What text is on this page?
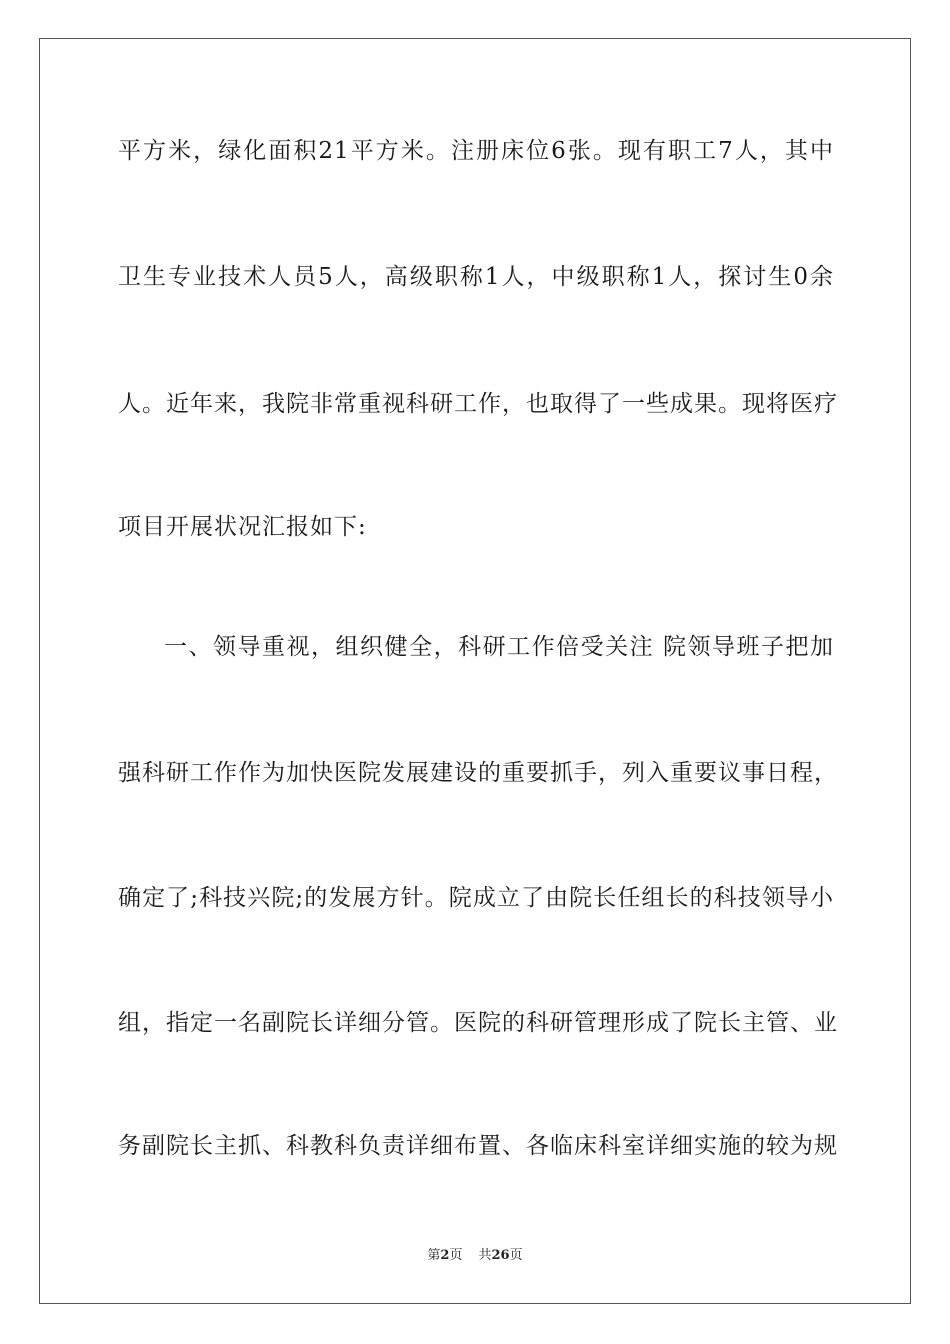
平方米，绿化面积21平方米。注册床位6张。现有职工7人，其中
卫生专业技术人员5人，高级职称1人，中级职称1人，探讨生0余
人。近年来，我院非常重视科研工作，也取得了一些成果。现将医疗
项目开展状况汇报如下:
一、领导重视，组织健全，科研工作倍受关注 院领导班子把加
强科研工作作为加快医院发展建设的重要抓手，列入重要议事日程，
确定了;科技兴院;的发展方针。院成立了由院长任组长的科技领导小
组，指定一名副院长详细分管。医院的科研管理形成了院长主管、业
务副院长主抓、科教科负责详细布置、各临床科室详细实施的较为规
第2页 共26页
